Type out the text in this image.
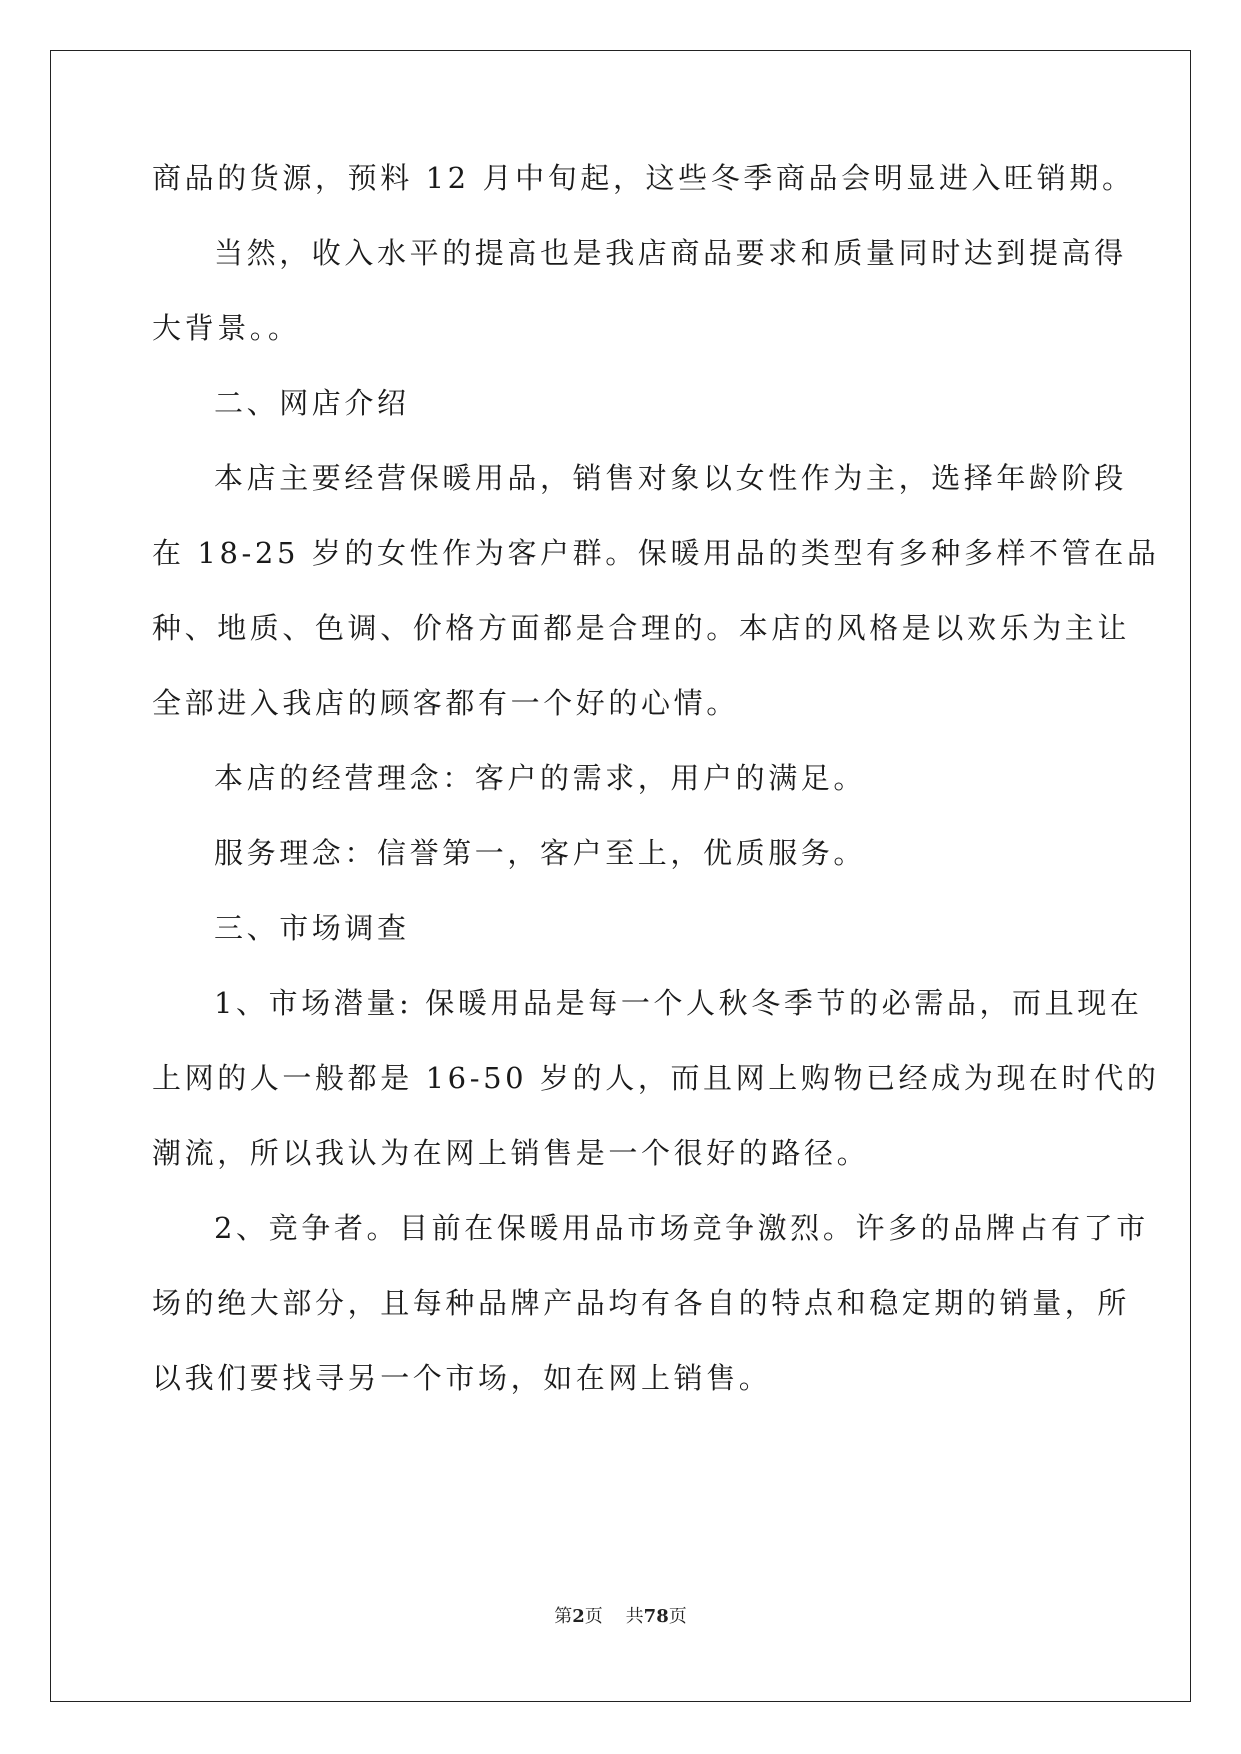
商品的货源，预料 12 月中旬起，这些冬季商品会明显进入旺销期。
当然，收入水平的提高也是我店商品要求和质量同时达到提高得
大背景。。
二、网店介绍
本店主要经营保暖用品，销售对象以女性作为主，选择年龄阶段
在 18-25 岁的女性作为客户群。保暖用品的类型有多种多样不管在品
种、地质、色调、价格方面都是合理的。本店的风格是以欢乐为主让
全部进入我店的顾客都有一个好的心情。
本店的经营理念：客户的需求，用户的满足。
服务理念：信誉第一，客户至上，优质服务。
三、市场调查
1、市场潜量: 保暖用品是每一个人秋冬季节的必需品，而且现在
上网的人一般都是 16-50 岁的人，而且网上购物已经成为现在时代的
潮流，所以我认为在网上销售是一个很好的路径。
2、竞争者。目前在保暖用品市场竞争激烈。许多的品牌占有了市
场的绝大部分，且每种品牌产品均有各自的特点和稳定期的销量，所
以我们要找寻另一个市场，如在网上销售。
第2页 共78页
